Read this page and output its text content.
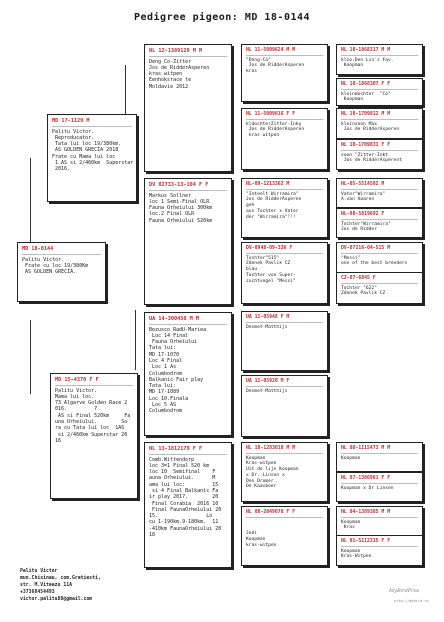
Pedigree pigeon: MD 18-0144
MD 18-0144
Palitu Victor.
Frate cu loc 19/380Km
AS GOLDEN GRECIA.
MD 17-1129 M
Palitu Victor.
Reproducator.
Tata lui loc 19/380km.
AS GOLDEN GRECIA 2018
Frate cu Mama lui loc
1 AS si 2/460km  Superstar
2016.
MD 15-4370 F F
Palitu Victor.
Mama lui loc.
73 Algarve Golden Race 2
016.         7
AS si Final 520km     Fa
una Orheiului.        So
ra cu Tata lui loc  1AS
si 2/460km Superstar 20
16
NL 12-1389120 M M
Deng Co-Zitter
Jos de RidderAsperen
kras witpen
Eenhoksrace te
Moldavie 2012
DV 02733-13-104 F F
Markus Sollner
loc 1 Semi-Final OLR
Fauna Orheiului 300km
loc.2 Final OLR
Fauna Orheiului 520km
UA 14-300450 M M
Bezusco RadU-Mariea
Loc 14 Final
Fauna Orheiului
Tata lui:
MD 17-1070
Loc 4 Final
Loc 1 As
Columbodrom
Balkanic Fair play
Tata lui:
MD 17-1089
Loc 10.Finala
Loc 5 AS
Columbodrom
NL 13-1812179 F F
Comb.Wittendorp
loc 3=1 Final 520 km
loc 10  Semifinal    F
auna Orheiului.      M
ama lui loc:         15
si 4 Final Balkanic Fa
ir play 2017.        20
Final Corabia  2016 10
Final FaunaOrheiului 20
15.                Lo
cu 1-190km.9-180km.  11
-410km FaunaOrheiului 20
18
NL 11-5009624 M M
"Deng-Co"
Jos de RidderAsperen
kras
NL 11-5009616 F F
kldochterZitter-Inky
Jos de RidderAsperen
kras witpen
NL-09-1213362 M
"Inteelt Wirramira"
Jos de RidderAsperen
geh
aus Tochter x Vater
der "Wirramira"!!!
DV-0948-09-336 F
Tochter"515"
Zdenek Pavlik CZ
blau
Tochter von Super-
zuchtvogel "Messi"
UA 11-05948 F M
Desmet-Matthijs
UA 11-05920 M F
Desmet-Matthijs
NL 10-1283010 M M
Koopman
Kras-witpen
Uit de lijn Koopman
x Dr. Linsen x
Den Dromer.
De Kaasboer
NL 08-2049078 F F

Jodi
Koopman
kras-witpen
NL 10-1868317 M M
klzo.Den Lin's Fav.
Koopman
NL 10-1868307 F F
kleindochter  "Co"
Koopman
NL 10-1709812 M M
kleinzoon Max
Jos de RidderAsperen
NL 10-1709831 F F
zoon "Zitter-Inkt
Jos de RidderAsperent
NL-05-5514502 M
Vater"Wirramira"
A.van Haaren
NL-08-5819692 F
Tochter"Wirramira"
Jos de Ridder
DV-07216-04-515 M
"Messi"
one of the best breeders
CZ-07-6845 F
Tochter "622"
Zdenek Pavlik CZ
NL 08-1115473 M M
Koopman
NL 07-1386961 F F
Koopman x Dr Linsen
NL 04-1389385 M M
Koopman
Kras
NL 01-5112315 F F
Koopman
Kras-Witpen
Palitu Victor
mun.Chisinau, com.Gratiesti,
str. M.Viteazu 11A
+37368454493
victor.palitu88@gmail.com
MyBirdPros
http://mybird.ro
